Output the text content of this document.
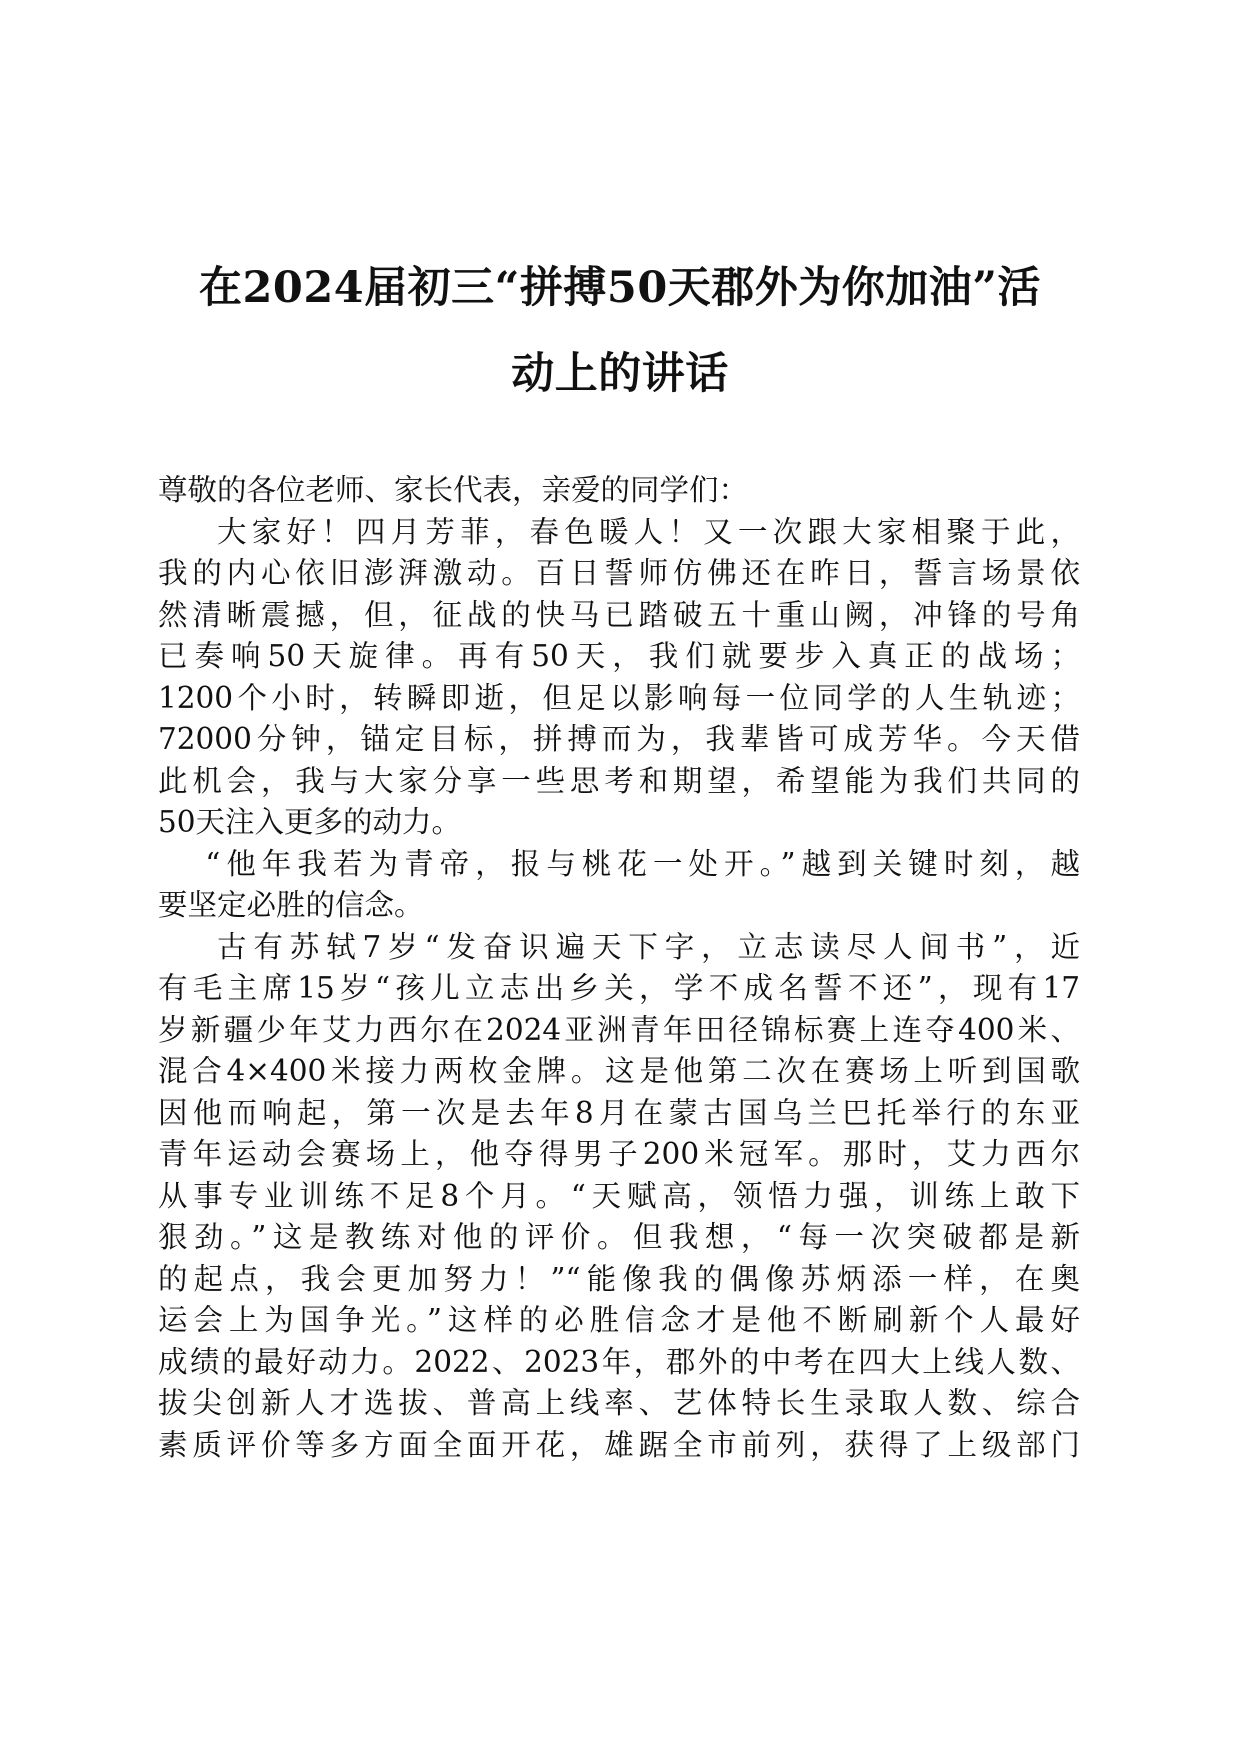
在2024届初三“拼搏50天郡外为你加油”活
动上的讲话
尊敬的各位老师、家长代表，亲爱的同学们：
大家好！四月芳菲，春色暖人！又一次跟大家相聚于此，
我的内心依旧澎湃激动。百日誓师仿佛还在昨日，誓言场景依
然清晰震撼，但，征战的快马已踏破五十重山阙，冲锋的号角
已奏响50天旋律。再有50天，我们就要步入真正的战场；
1200个小时，转瞬即逝，但足以影响每一位同学的人生轨迹；
72000分钟，锚定目标，拼搏而为，我辈皆可成芳华。今天借
此机会，我与大家分享一些思考和期望，希望能为我们共同的
50天注入更多的动力。
“他年我若为青帝，报与桃花一处开。”越到关键时刻，越
要坚定必胜的信念。
古有苏轼7岁“发奋识遍天下字，立志读尽人间书”，近
有毛主席15岁“孩儿立志出乡关，学不成名誓不还”，现有17
岁新疆少年艾力西尔在2024亚洲青年田径锦标赛上连夺400米、
混合4×400米接力两枚金牌。这是他第二次在赛场上听到国歌
因他而响起，第一次是去年8月在蒙古国乌兰巴托举行的东亚
青年运动会赛场上，他夺得男子200米冠军。那时，艾力西尔
从事专业训练不足8个月。“天赋高，领悟力强，训练上敢下
狠劲。”这是教练对他的评价。但我想，“每一次突破都是新
的起点，我会更加努力！”“能像我的偶像苏炳添一样，在奥
运会上为国争光。”这样的必胜信念才是他不断刷新个人最好
成绩的最好动力。2022、2023年，郡外的中考在四大上线人数、
拔尖创新人才选拔、普高上线率、艺体特长生录取人数、综合
素质评价等多方面全面开花，雄踞全市前列，获得了上级部门
